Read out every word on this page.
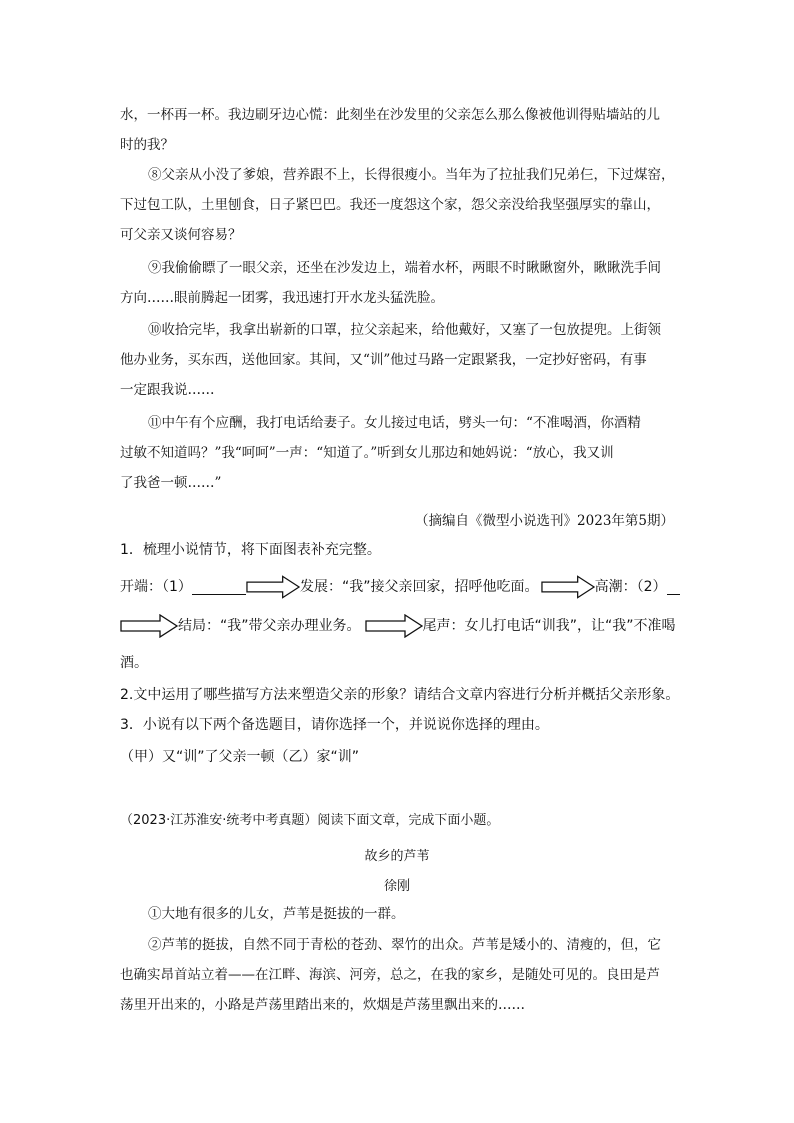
水，一杯再一杯。我边刷牙边心慌：此刻坐在沙发里的父亲怎么那么像被他训得贴墙站的儿
时的我？
⑧父亲从小没了爹娘，营养跟不上，长得很瘦小。当年为了拉扯我们兄弟仨，下过煤窑，
下过包工队，土里刨食，日子紧巴巴。我还一度怨这个家，怨父亲没给我坚强厚实的靠山，
可父亲又谈何容易？
⑨我偷偷瞟了一眼父亲，还坐在沙发边上，端着水杯，两眼不时瞅瞅窗外，瞅瞅洗手间
方向……眼前腾起一团雾，我迅速打开水龙头猛洗脸。
⑩收拾完毕，我拿出崭新的口罩，拉父亲起来，给他戴好，又塞了一包放提兜。上街领
他办业务，买东西，送他回家。其间，又“训”他过马路一定跟紧我，一定抄好密码，有事
一定跟我说……
⑪中午有个应酬，我打电话给妻子。女儿接过电话，劈头一句：“不准喝酒，你酒精
过敏不知道吗？”我“呵呵”一声：“知道了。”听到女儿那边和她妈说：“放心，我又训
了我爸一顿……”
（摘编自《微型小说选刊》2023年第5期）
1．梳理小说情节，将下面图表补充完整。
开端：（1）	发展：“我”接父亲回家，招呼他吃面。	高潮：（2）
结局：“我”带父亲办理业务。	尾声：女儿打电话“训我”，让“我”不准喝
酒。
2.文中运用了哪些描写方法来塑造父亲的形象？请结合文章内容进行分析并概括父亲形象。
3．小说有以下两个备选题目，请你选择一个，并说说你选择的理由。
（甲）又“训”了父亲一顿（乙）家“训”
（2023·江苏淮安·统考中考真题）阅读下面文章，完成下面小题。
故乡的芦苇
徐刚
①大地有很多的儿女，芦苇是挺拔的一群。
②芦苇的挺拔，自然不同于青松的苍劲、翠竹的出众。芦苇是矮小的、清瘦的，但，它
也确实昂首站立着——在江畔、海滨、河旁，总之，在我的家乡，是随处可见的。良田是芦
荡里开出来的，小路是芦荡里踏出来的，炊烟是芦荡里飘出来的……
